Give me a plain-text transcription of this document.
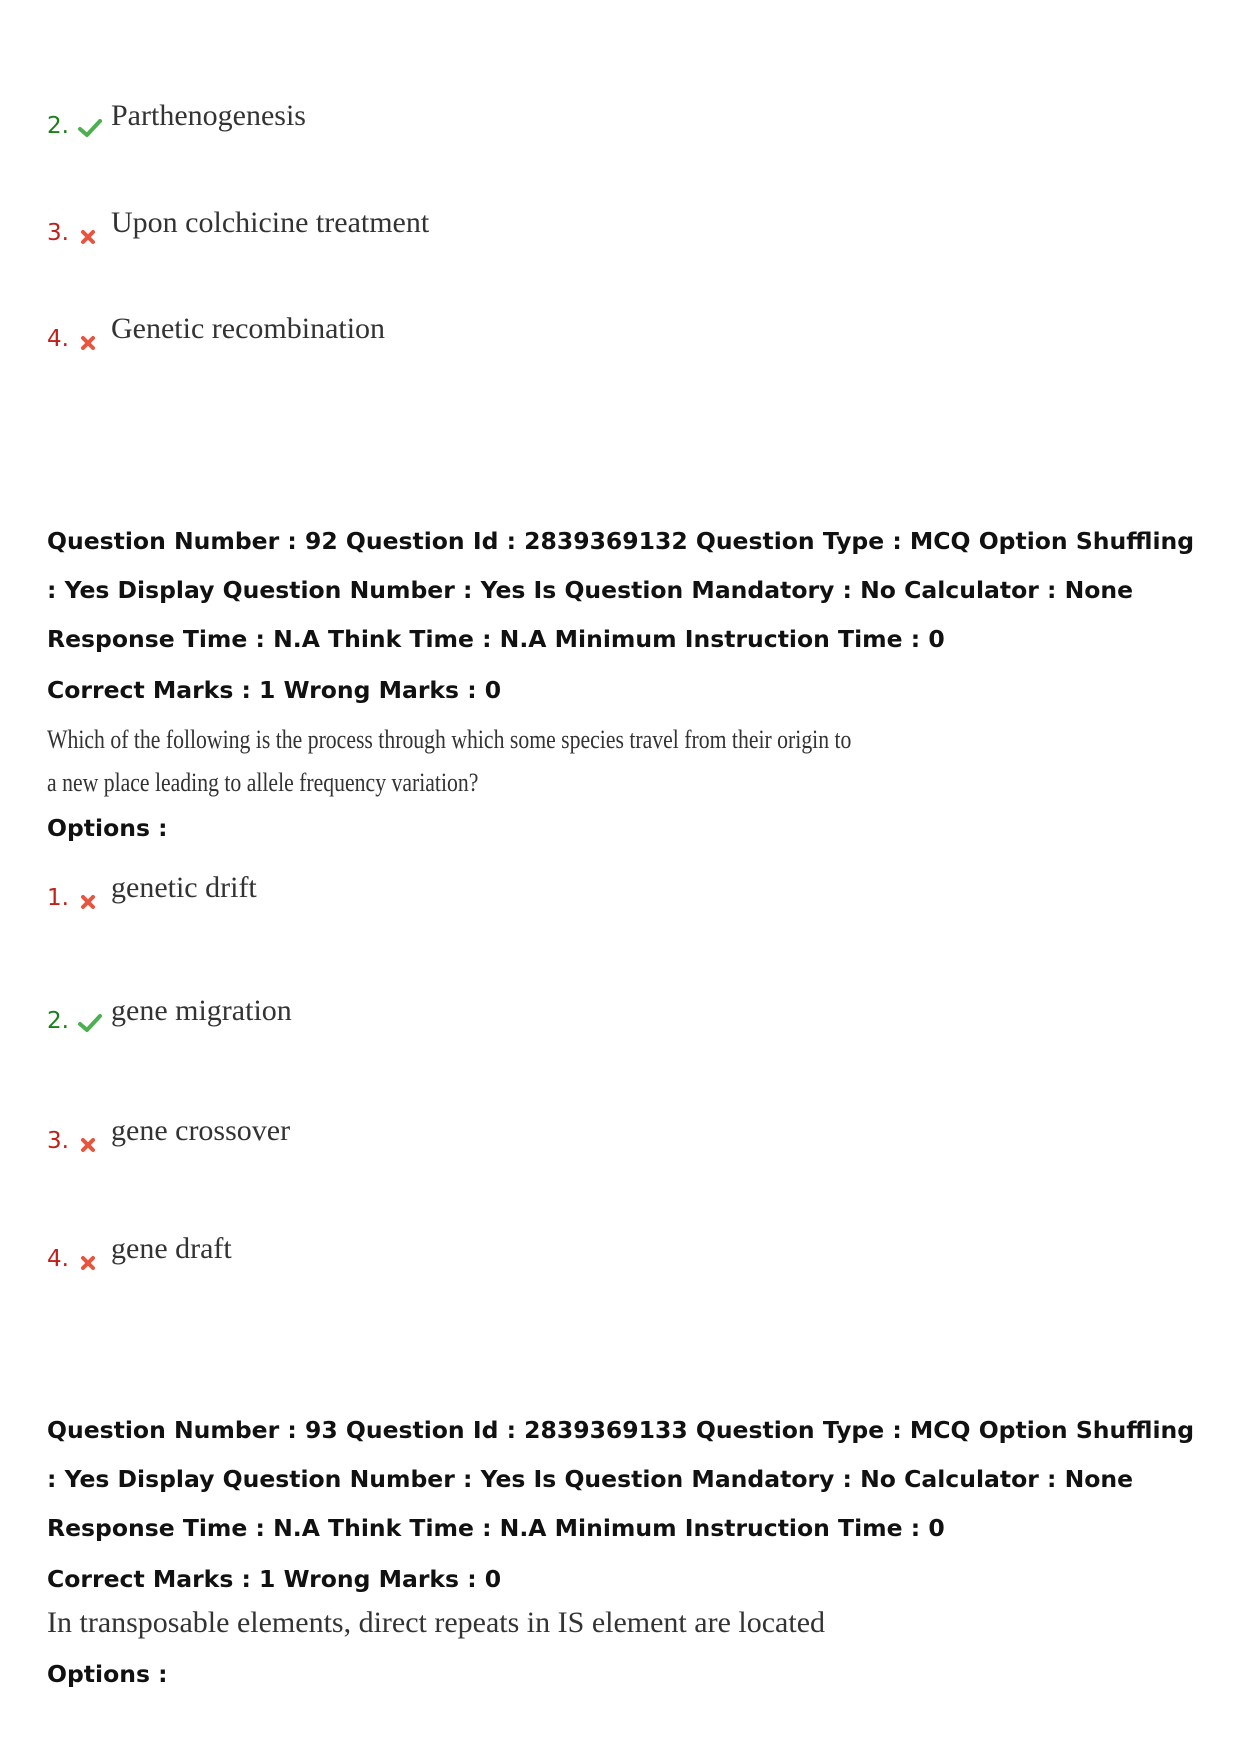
2. Parthenogenesis
3. Upon colchicine treatment
4. Genetic recombination
Question Number : 92 Question Id : 2839369132 Question Type : MCQ Option Shuffling : Yes Display Question Number : Yes Is Question Mandatory : No Calculator : None Response Time : N.A Think Time : N.A Minimum Instruction Time : 0
Correct Marks : 1 Wrong Marks : 0
Which of the following is the process through which some species travel from their origin to
a new place leading to allele frequency variation?
Options :
1. genetic drift
2. gene migration
3. gene crossover
4. gene draft
Question Number : 93 Question Id : 2839369133 Question Type : MCQ Option Shuffling : Yes Display Question Number : Yes Is Question Mandatory : No Calculator : None Response Time : N.A Think Time : N.A Minimum Instruction Time : 0
Correct Marks : 1 Wrong Marks : 0
In transposable elements, direct repeats in IS element are located
Options :
